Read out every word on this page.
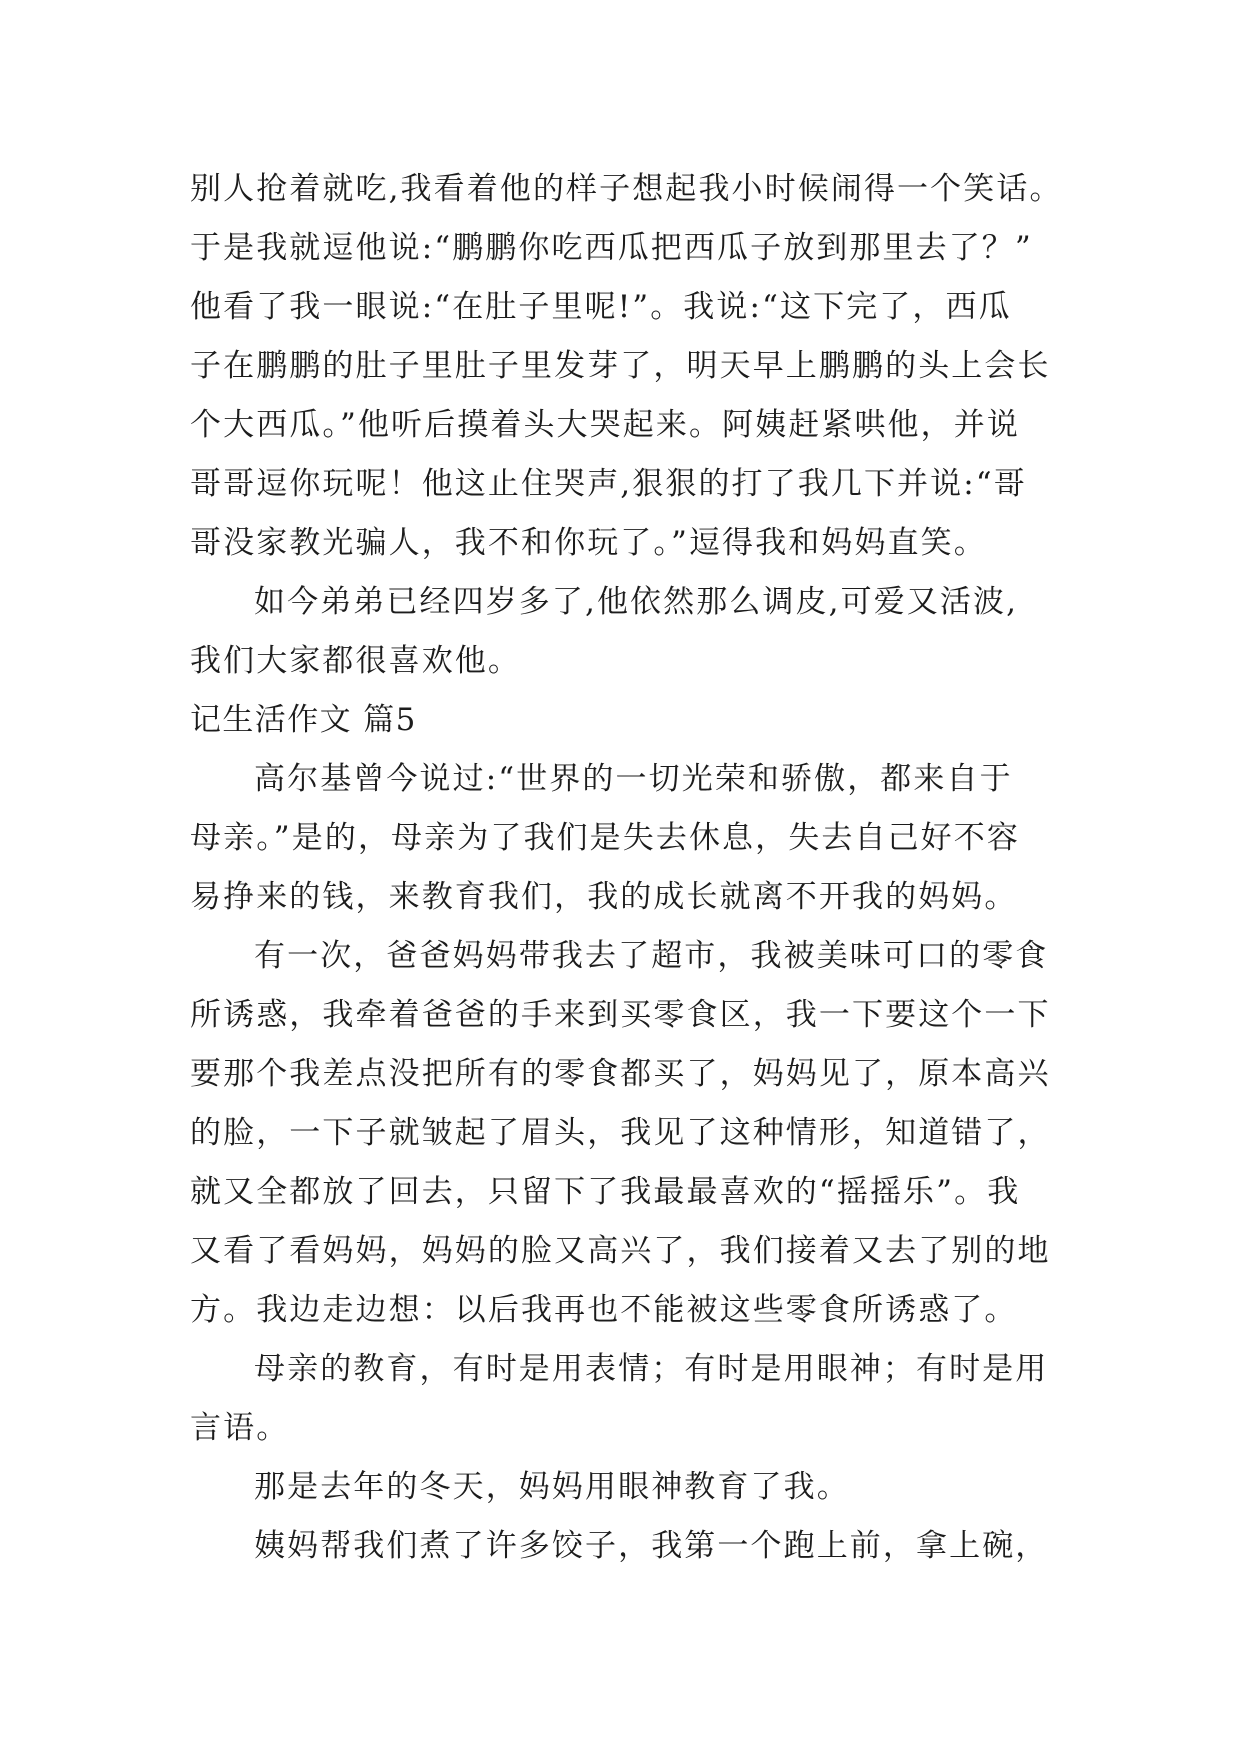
别人抢着就吃,我看着他的样子想起我小时候闹得一个笑话。
于是我就逗他说:“鹏鹏你吃西瓜把西瓜子放到那里去了？”
他看了我一眼说:“在肚子里呢!”。我说:“这下完了，西瓜
子在鹏鹏的肚子里肚子里发芽了，明天早上鹏鹏的头上会长
个大西瓜。”他听后摸着头大哭起来。阿姨赶紧哄他，并说
哥哥逗你玩呢！他这止住哭声,狠狠的打了我几下并说:“哥
哥没家教光骗人，我不和你玩了。”逗得我和妈妈直笑。
如今弟弟已经四岁多了,他依然那么调皮,可爱又活波,
我们大家都很喜欢他。
记生活作文 篇5
高尔基曾今说过:“世界的一切光荣和骄傲，都来自于
母亲。”是的，母亲为了我们是失去休息，失去自己好不容
易挣来的钱，来教育我们，我的成长就离不开我的妈妈。
有一次，爸爸妈妈带我去了超市，我被美味可口的零食
所诱惑，我牵着爸爸的手来到买零食区，我一下要这个一下
要那个我差点没把所有的零食都买了，妈妈见了，原本高兴
的脸，一下子就皱起了眉头，我见了这种情形，知道错了，
就又全都放了回去，只留下了我最最喜欢的“摇摇乐”。我
又看了看妈妈，妈妈的脸又高兴了，我们接着又去了别的地
方。我边走边想：以后我再也不能被这些零食所诱惑了。
母亲的教育，有时是用表情；有时是用眼神；有时是用
言语。
那是去年的冬天，妈妈用眼神教育了我。
姨妈帮我们煮了许多饺子，我第一个跑上前，拿上碗，
